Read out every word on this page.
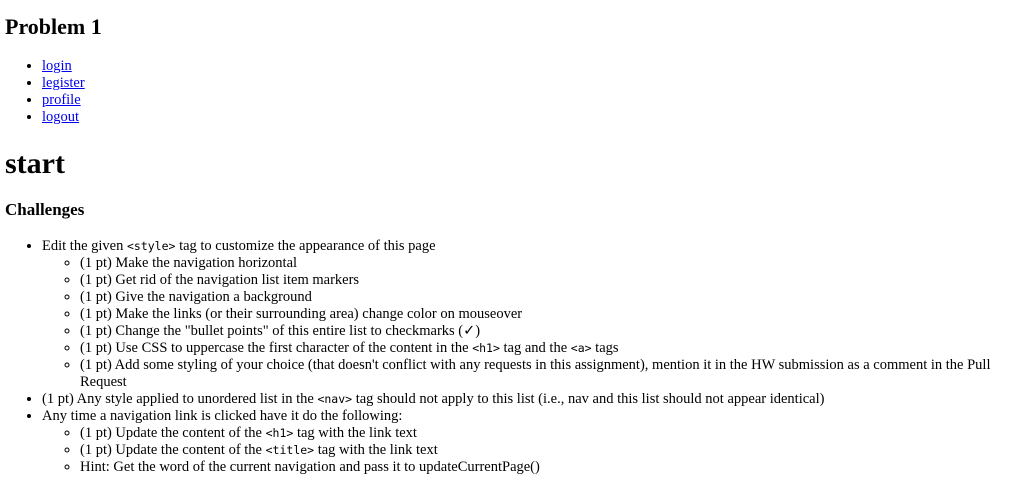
Problem 1
• login
• legister
• profile
• logout
start
Challenges
• Edit the given <style> tag to customize the appearance of this page
◦ (1 pt) Make the navigation horizontal
◦ (1 pt) Get rid of the navigation list item markers
◦ (1 pt) Give the navigation a background
◦ (1 pt) Make the links (or their surrounding area) change color on mouseover
◦ (1 pt) Change the "bullet points" of this entire list to checkmarks (✓)
◦ (1 pt) Use CSS to uppercase the first character of the content in the <h1> tag and the <a> tags
◦ (1 pt) Add some styling of your choice (that doesn't conflict with any requests in this assignment), mention it in the HW submission as a comment in the Pull Request
• (1 pt) Any style applied to unordered list in the <nav> tag should not apply to this list (i.e., nav and this list should not appear identical)
• Any time a navigation link is clicked have it do the following:
◦ (1 pt) Update the content of the <h1> tag with the link text
◦ (1 pt) Update the content of the <title> tag with the link text
◦ Hint: Get the word of the current navigation and pass it to updateCurrentPage()
